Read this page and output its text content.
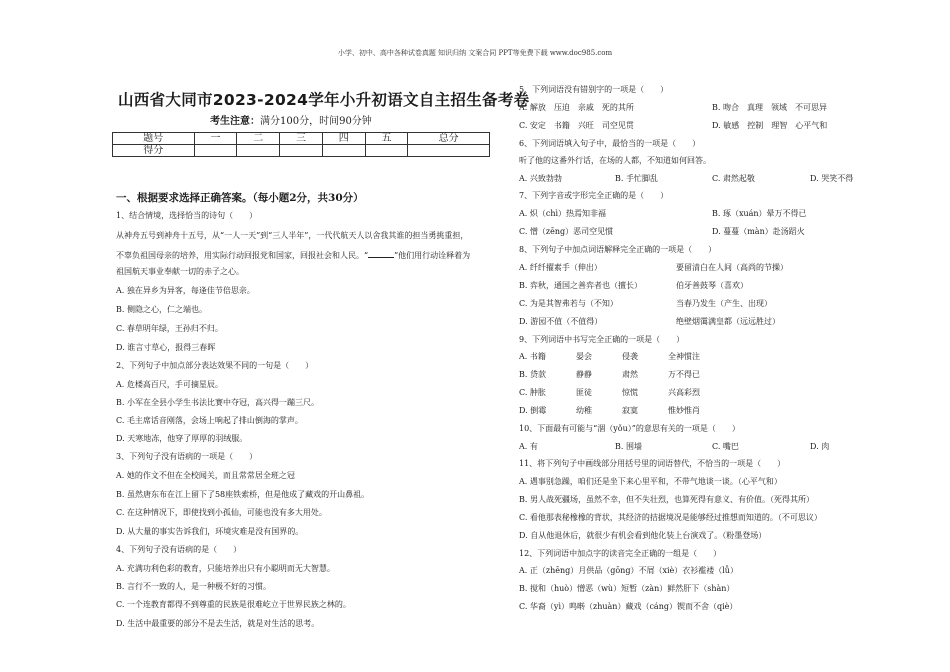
小学、初中、高中各种试卷真题 知识归纳 文案合同 PPT等免费下载 www.doc985.com
山西省大同市2023-2024学年小升初语文自主招生备考卷
考生注意：满分100分，时间90分钟
题号	一	二	三	四	五	总分
得分						
一、根据要求选择正确答案。（每小题2分，共30分）
1、结合情境，选择恰当的诗句（　　）
从神舟五号到神舟十五号，从“一人一天”到“三人半年”，一代代航天人以舍我其谁的担当勇挑重担，
不辜负祖国母亲的培养，用实际行动回报党和国家，回报社会和人民。“	”他们用行动诠释着为
祖国航天事业奉献一切的赤子之心。
A. 独在异乡为异客，每逢佳节倍思亲。
B. 侧隐之心，仁之端也。
C. 春草明年绿，王孙归不归。
D. 谁言寸草心，报得三春晖
2、下列句子中加点部分表达效果不同的一句是（　　）
A. 危楼高百尺，手可摘星辰。
B. 小军在全县小学生书法比赛中夺冠，高兴得一蹦三尺。
C. 毛主席话音刚落，会场上响起了排山倒海的掌声。
D. 天寒地冻，他穿了厚厚的羽绒服。
3、下列句子没有语病的一项是（　　）
A. 她的作文不但在全校闻关，而且常常居全班之冠
B. 虽然唐东布在江上留下了58座铁索桥，但是他成了藏戏的开山鼻祖。
C. 在这种情况下，即使找到小孤仙，可能也没有多大用处。
D. 从大量的事实告诉我们，环境灾难是没有国界的。
4、下列句子没有语病的是（　　）
A. 充满功利色彩的教育，只能培养出只有小聪明而无大智慧。
B. 言行不一致的人，是一种极不好的习惯。
C. 一个连教育都得不到尊重的民族是很难屹立于世界民族之林的。
D. 生活中最重要的部分不是去生活，就是对生活的思考。
5、下列词语没有错别字的一项是（　　）
A. 解放　压迫　亲戚　死的其所	B. 吻合　真理　领域　不可思异
C. 安定　书籍　兴旺　司空见贯	D. 敏感　控制　理智　心平气和
6、下列词语填入句子中，最恰当的一项是（　　）
听了他的这番外行话，在场的人都，不知道如何回答。
A. 兴致勃勃	B. 手忙脚乱	C. 肃然起敬	D. 哭笑不得
7、下列字音或字形完全正确的是（　　）
A. 炽（chì）热焉知非福	B. 琢（xuán）晕万不得已
C. 憎（zēng）恶司空见惯	D. 蔓蔓（màn）赴汤蹈火
8、下列句子中加点词语解释完全正确的一项是（　　）
A. 纤纤擢素手（伸出）	要留清白在人间（高尚的节操）
B. 弈秋，通国之善弈者也（擅长）	伯牙善鼓琴（喜欢）
C. 为是其智弗若与（不知）	当春乃发生（产生、出现）
D. 游园不值（不值得）	绝壁烟霭满皇都（远远胜过）
9、下列词语中书写完全正确的一项是（　　）
A. 书籍	晏会	侵袭	全神惯注
B. 贷款	静静	肃然	万不得已
C. 肿胀	匪徒	惊慌	兴高彩烈
D. 倒霉	幼稚	寂寞	惟妙惟肖
10、下面最有可能与“涸（yǒu）”的意思有关的一项是（　　）
A. 有	B. 围墙	C. 嘴巴	D. 肉
11、将下列句子中画线部分用括号里的词语替代，不恰当的一项是（　　）
A. 遇事别急躁，咱们还是坐下来心里平和，不带气地谈一谈。（心平气和）
B. 男人战死疆场，虽然不幸，但不失壮烈，也算死得有意义、有价值。（死得其所）
C. 看他那表秘橡橡的背状，其经济的拮据境况是能够经过推想而知道的。（不可思议）
D. 自从他退休后，就很少有机会看到他化装上台演戏了。（粉墨登场）
12、下列词语中加点字的读音完全正确的一组是（　　）
A. 正（zhēng）月供品（gōng）不屑（xiè）衣衫褴褛（lǚ）
B. 搅和（huò）憎恶（wù）短暂（zàn）鲜然肝下（shàn）
C. 华裔（yì）鸣啭（zhuàn）藏戏（cáng）锲而不舍（qiè）
